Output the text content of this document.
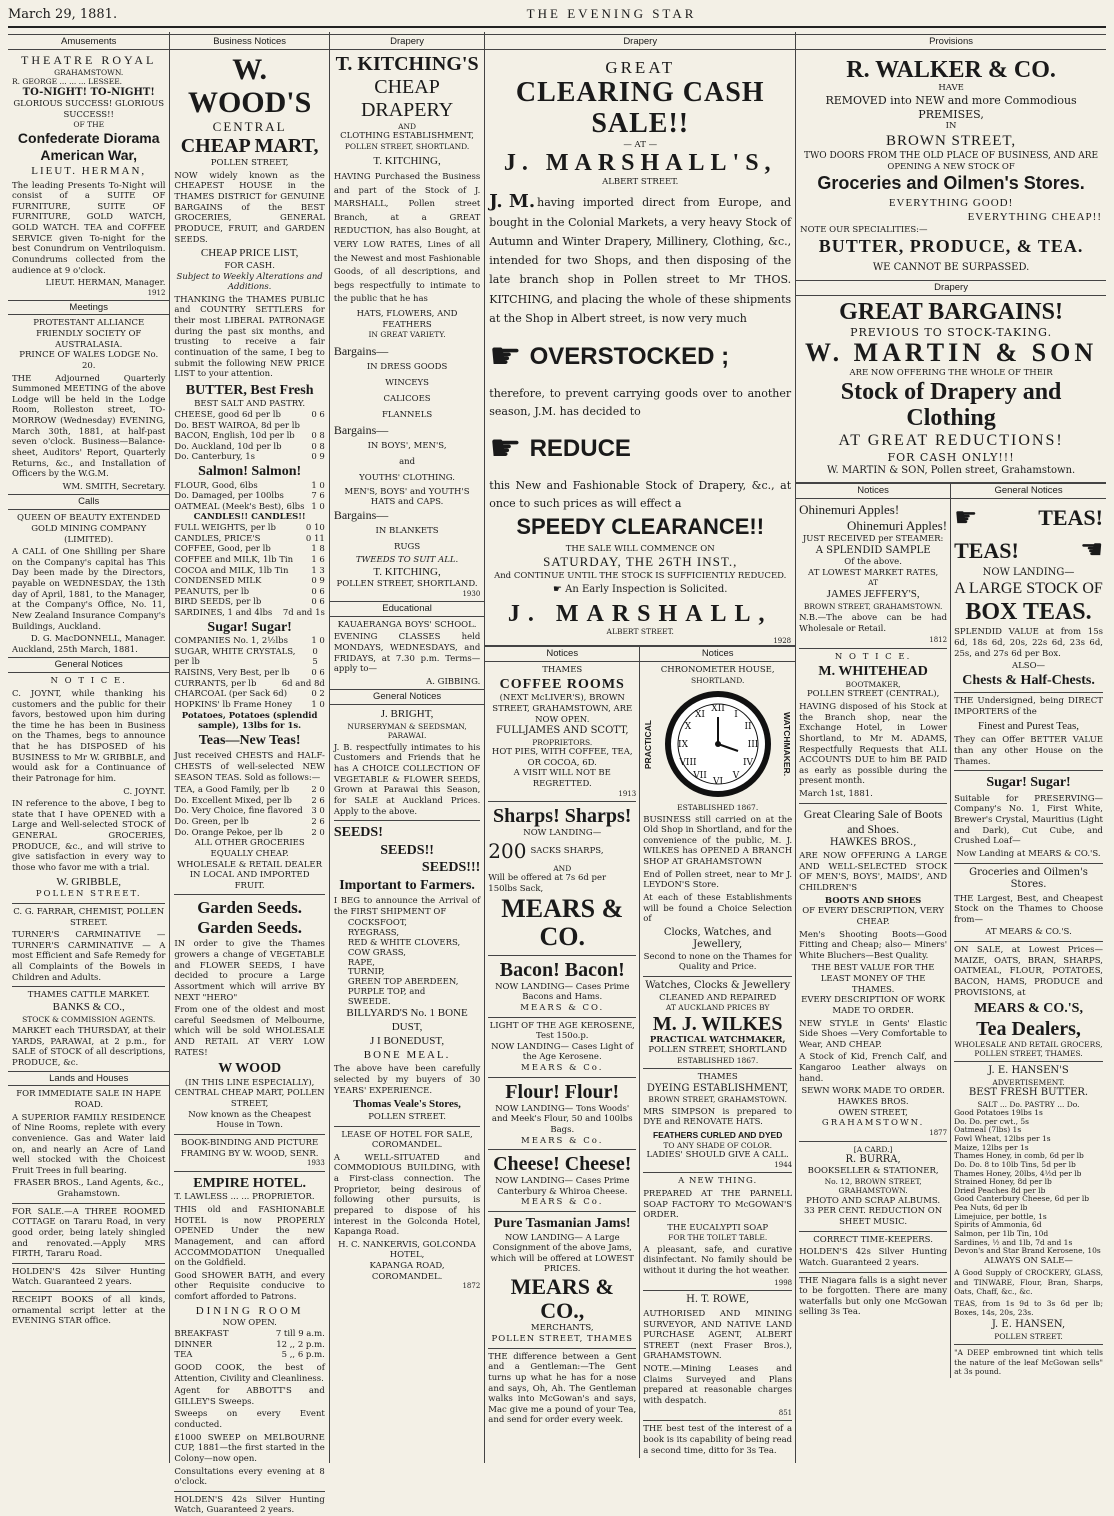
March 29, 1881.	THE EVENING STAR
Amusements
THEATRE ROYAL
GRAHAMSTOWN.
R. GEORGE ... ... ... LESSEE.
TO-NIGHT! TO-NIGHT!
GLORIOUS SUCCESS! GLORIOUS SUCCESS!!
OF THE
Confederate Diorama
American War,
LIEUT. HERMAN,

The leading Presents To-Night will consist of a SUITE OF FURNITURE, SUITE OF FURNITURE, GOLD WATCH, GOLD WATCH. TEA and COFFEE SERVICE given To-night for the best Conundrum on Ventriloquism. Conundrums collected from the audience at 9 o'clock.

LIEUT. HERMAN, Manager.
1912
Meetings
PROTESTANT ALLIANCE FRIENDLY SOCIETY OF AUSTRALASIA.
PRINCE OF WALES LODGE No. 20.

THE Adjourned Quarterly Summoned MEETING of the above Lodge will be held in the Lodge Room, Rolleston street, TO-MORROW (Wednesday) EVENING, March 30th, 1881, at half-past seven o'clock. Business—Balance-sheet, Auditors' Report, Quarterly Returns, &c., and Installation of Officers by the W.G.M.

WM. SMITH, Secretary.
Calls
QUEEN OF BEAUTY EXTENDED GOLD MINING COMPANY (LIMITED).

A CALL of One Shilling per Share on the Company's capital has This Day been made by the Directors, payable on WEDNESDAY, the 13th day of April, 1881, to the Manager, at the Company's Office, No. 11, New Zealand Insurance Company's Buildings, Auckland.

D. G. MacDONNELL, Manager.
Auckland, 25th March, 1881.
General Notices
N O T I C E.

C. JOYNT, while thanking his customers and the public for their favors, bestowed upon him during the time he has been in Business on the Thames, begs to announce that he has DISPOSED of his BUSINESS to Mr W. GRIBBLE, and would ask for a Continuance of their Patronage for him.

C. JOYNT.

IN reference to the above, I beg to state that I have OPENED with a Large and Well-selected STOCK of GENERAL GROCERIES, PRODUCE, &c., and will strive to give satisfaction in every way to those who favor me with a trial.

W. GRIBBLE,
POLLEN STREET.
C. G. FARRAR, CHEMIST, POLLEN STREET.

TURNER'S CARMINATIVE — TURNER'S CARMINATIVE — A most Efficient and Safe Remedy for all Complaints of the Bowels in Children and Adults.

THAMES CATTLE MARKET.
BANKS & CO.,
STOCK & COMMISSION AGENTS.

MARKET each THURSDAY, at their YARDS, PARAWAI, at 2 p.m., for SALE of STOCK of all descriptions, PRODUCE, &c.

Lands and Houses
FOR IMMEDIATE SALE IN HAPE ROAD.

A SUPERIOR FAMILY RESIDENCE of Nine Rooms, replete with every convenience. Gas and Water laid on, and nearly an Acre of Land well stocked with the Choicest Fruit Trees in full bearing.

FRASER BROS., Land Agents, &c., Grahamstown.

FOR SALE.—A THREE ROOMED COTTAGE on Tararu Road, in very good order, being lately shingled and renovated.—Apply MRS FIRTH, Tararu Road.

HOLDEN'S 42s Silver Hunting Watch. Guaranteed 2 years.

RECEIPT BOOKS of all kinds, ornamental script letter at the EVENING STAR office.

Business Notices
W. WOOD'S
CENTRAL
CHEAP MART,
POLLEN STREET,

NOW widely known as the CHEAPEST HOUSE in the THAMES DISTRICT for GENUINE BARGAINS of the BEST GROCERIES, GENERAL PRODUCE, FRUIT, and GARDEN SEEDS.

CHEAP PRICE LIST,
FOR CASH.
Subject to Weekly Alterations and Additions.

THANKING the THAMES PUBLIC and COUNTRY SETTLERS for their most LIBERAL PATRONAGE during the past six months, and trusting to receive a fair continuation of the same, I beg to submit the following NEW PRICE LIST to your attention.

BUTTER, Best Fresh
BEST SALT AND PASTRY.
CHEESE, good 6d per lb	0 6
Do. BEST WAIROA, 8d per lb
BACON, English, 10d per lb 0 8
Do. Auckland, 10d per lb	0 8
Do. Canterbury, 1s	0 9
Salmon! Salmon!
FLOUR, Good, 6lbs	1 0
Do. Damaged, per 100lbs	7 6
OATMEAL (Meek's Best), 6lbs 1 0
CANDLES!! CANDLES!!
FULL WEIGHTS, per lb	0 10
CANDLES, PRICE'S	0 11
COFFEE, Good, per lb	1 8
COFFEE and MILK, 1lb Tin 1 6
COCOA and MILK, 1lb Tin	1 3
CONDENSED MILK	0 9
PEANUTS, per lb	0 6
BIRD SEEDS, per lb	0 6
SARDINES, 1 and 4lbs 7d and 1s
Sugar! Sugar!
COMPANIES No. 1, 2½lbs	1 0
SUGAR, WHITE CRYSTALS, per lb
0 5
RAISINS, Very Best, per lb	0 6
CURRANTS, per lb	6d and 8d
CHARCOAL (per Sack 6d)	0 2
HOPKINS' lb Frame Honey 1 0
Potatoes, Potatoes (splendid sample), 13lbs for 1s.
Teas—New Teas!

Just received CHESTS and HALF-CHESTS of well-selected NEW SEASON TEAS. Sold as follows:—

TEA, a Good Family, per lb	2 0
Do. Excellent Mixed, per lb 2 6
Do. Very Choice, fine flavored 3 0
Do. Green, per lb	2 6
Do. Orange Pekoe, per lb	2 0
ALL OTHER GROCERIES EQUALLY CHEAP.
WHOLESALE & RETAIL DEALER IN LOCAL AND IMPORTED FRUIT.
Garden Seeds. Garden Seeds.

IN order to give the Thames growers a change of VEGETABLE and FLOWER SEEDS, I have decided to procure a Large Assortment which will arrive BY NEXT "HERO"

From one of the oldest and most careful Seedsmen of Melbourne, which will be sold WHOLESALE AND RETAIL AT VERY LOW RATES!

W WOOD
(IN THIS LINE ESPECIALLY), CENTRAL CHEAP MART, POLLEN STREET,
Now known as the Cheapest House in Town.
BOOK-BINDING AND PICTURE FRAMING BY W. WOOD, SENR.
1933
EMPIRE HOTEL.
T. LAWLESS ... ... PROPRIETOR.

THIS old and FASHIONABLE HOTEL is now PROPERLY OPENED Under the new Management, and can afford ACCOMMODATION Unequalled on the Goldfield.

Good SHOWER BATH, and every other Requisite conducive to comfort afforded to Patrons.

DINING ROOM
NOW OPEN.
BREAKFAST	7 till 9 a.m.
DINNER	12 ,, 2 p.m.
TEA	5 ,, 6 p.m.

GOOD COOK, the best of Attention, Civility and Cleanliness.

Agent for ABBOTT'S and GILLEY'S Sweeps.

Sweeps on every Event conducted.

£1000 SWEEP on MELBOURNE CUP, 1881—the first started in the Colony—now open.

Consultations every evening at 8 o'clock.

HOLDEN'S 42s Silver Hunting Watch, Guaranteed 2 years.

Drapery
T. KITCHING'S
CHEAP DRAPERY
AND
CLOTHING ESTABLISHMENT,
POLLEN STREET, SHORTLAND.
T. KITCHING,

HAVING Purchased the Business and part of the Stock of J. MARSHALL, Pollen street Branch, at a GREAT REDUCTION, has also Bought, at VERY LOW RATES, Lines of all the Newest and most Fashionable Goods, of all descriptions, and begs respectfully to intimate to the public that he has

HATS, FLOWERS, AND FEATHERS
IN GREAT VARIETY.
Bargains—
IN DRESS GOODS
WINCEYS
CALICOES
FLANNELS
Bargains—
IN BOYS', MEN'S,
and
YOUTHS' CLOTHING.
MEN'S, BOYS' and YOUTH'S HATS and CAPS.
Bargains—
IN BLANKETS
RUGS
TWEEDS TO SUIT ALL.
T. KITCHING,
POLLEN STREET, SHORTLAND.
1930
Educational
KAUAERANGA BOYS' SCHOOL.

EVENING CLASSES held MONDAYS, WEDNESDAYS, and FRIDAYS, at 7.30 p.m. Terms—apply to—

A. GIBBING.
General Notices
J. BRIGHT,
NURSERYMAN & SEEDSMAN, PARAWAI.

J. B. respectfully intimates to his Customers and Friends that he has A CHOICE COLLECTION OF VEGETABLE & FLOWER SEEDS, Grown at Parawai this Season, for SALE at Auckland Prices. Apply to the above.

SEEDS!
SEEDS!!
SEEDS!!!
Important to Farmers.

I BEG to announce the Arrival of the FIRST SHIPMENT OF

COCKSFOOT,
RYEGRASS,
RED & WHITE CLOVERS,
COW GRASS,
RAPE,
TURNIP,
GREEN TOP ABERDEEN,
PURPLE TOP, and
SWEEDE.
BILLYARD'S No. 1 BONE DUST,
J I BONEDUST,
BONE MEAL.

The above have been carefully selected by my buyers of 30 YEARS' EXPERIENCE.

Thomas Veale's Stores,
POLLEN STREET.
LEASE OF HOTEL FOR SALE, COROMANDEL.

A WELL-SITUATED and COMMODIOUS BUILDING, with a First-class connection. The Proprietor, being desirous of following other pursuits, is prepared to dispose of his interest in the Golconda Hotel, Kapanga Road.

H. C. NANKERVIS, GOLCONDA HOTEL,
KAPANGA ROAD, COROMANDEL.
1872
Drapery
GREAT
CLEARING CASH SALE!!
— AT —
J. MARSHALL'S,
ALBERT STREET.

J. M. having imported direct from Europe, and bought in the Colonial Markets, a very heavy Stock of Autumn and Winter Drapery, Millinery, Clothing, &c., intended for two Shops, and then disposing of the late branch shop in Pollen street to Mr THOS. KITCHING, and placing the whole of these shipments at the Shop in Albert street, is now very much

☛ OVERSTOCKED ;

therefore, to prevent carrying goods over to another season, J.M. has decided to

☛ REDUCE

this New and Fashionable Stock of Drapery, &c., at once to such prices as will effect a

SPEEDY CLEARANCE!!
THE SALE WILL COMMENCE ON
SATURDAY, THE 26TH INST.,
And CONTINUE UNTIL THE STOCK IS SUFFICIENTLY REDUCED.
☛ An Early Inspection is Solicited.
J. MARSHALL,
ALBERT STREET.
1928
Notices
THAMES
COFFEE ROOMS
(NEXT McLIVER'S), BROWN STREET, GRAHAMSTOWN, ARE NOW OPEN.
FULLJAMES AND SCOTT,
PROPRIETORS.
HOT PIES, WITH COFFEE, TEA, OR COCOA, 6D.
A VISIT WILL NOT BE REGRETTED.
1913
Sharps! Sharps!
NOW LANDING—
200 SACKS SHARPS,
AND
Will be offered at 7s 6d per 150lbs Sack,
MEARS & CO.
Bacon! Bacon!
NOW LANDING— Cases Prime Bacons and Hams.
MEARS & CO.
LIGHT OF THE AGE KEROSENE, Test 150o.p.
NOW LANDING— Cases Light of the Age Kerosene.
MEARS & Co.
Flour! Flour!
NOW LANDING— Tons Woods' and Meek's Flour, 50 and 100lbs Bags.
MEARS & Co.
Cheese! Cheese!
NOW LANDING— Cases Prime Canterbury & Whiroa Cheese.
MEARS & Co.
Pure Tasmanian Jams!
NOW LANDING— A Large Consignment of the above Jams, which will be offered at LOWEST PRICES.
MEARS & CO.,
MERCHANTS,
POLLEN STREET, THAMES

THE difference between a Gent and a Gentleman:—The Gent turns up what he has for a nose and says, Oh, Ah. The Gentleman walks into McGowan's and says, Mac give me a pound of your Tea, and send for order every week.

Notices
CHRONOMETER HOUSE,
SHORTLAND.
PRACTICAL
XII
III
VI
IX
I
II
IV
V
VII
VIII
X
XI	WATCHMAKER.
ESTABLISHED 1867.

BUSINESS still carried on at the Old Shop in Shortland, and for the convenience of the public, M. J. WILKES has OPENED A BRANCH SHOP AT GRAHAMSTOWN

End of Pollen street, near to Mr J. LEYDON'S Store.

At each of these Establishments will be found a Choice Selection of

Clocks, Watches, and Jewellery,
Second to none on the Thames for Quality and Price.
Watches, Clocks & Jewellery
CLEANED AND REPAIRED
AT AUCKLAND PRICES BY
M. J. WILKES
PRACTICAL WATCHMAKER,
POLLEN STREET, SHORTLAND
ESTABLISHED 1867.
THAMES
DYEING ESTABLISHMENT,
BROWN STREET, GRAHAMSTOWN.

MRS SIMPSON is prepared to DYE and RENOVATE HATS.

FEATHERS CURLED AND DYED
TO ANY SHADE OF COLOR.
LADIES' SHOULD GIVE A CALL.
1944
A NEW THING.

PREPARED AT THE PARNELL SOAP FACTORY TO McGOWAN'S ORDER.

THE EUCALYPTI SOAP
FOR THE TOILET TABLE.

A pleasant, safe, and curative disinfectant. No family should be without it during the hot weather.

1998
H. T. ROWE,

AUTHORISED AND MINING SURVEYOR, AND NATIVE LAND PURCHASE AGENT, ALBERT STREET (next Fraser Bros.), GRAHAMSTOWN.

NOTE.—Mining Leases and Claims Surveyed and Plans prepared at reasonable charges with despatch.

851

THE best test of the interest of a book is its capability of being read a second time, ditto for 3s Tea.

Provisions
R. WALKER & CO.
HAVE
REMOVED into NEW and more Commodious PREMISES,
IN
BROWN STREET,
TWO DOORS FROM THE OLD PLACE OF BUSINESS, AND ARE
OPENING A NEW STOCK OF
Groceries and Oilmen's Stores.
EVERYTHING GOOD!
EVERYTHING CHEAP!!
NOTE OUR SPECIALITIES:—
BUTTER, PRODUCE, & TEA.
WE CANNOT BE SURPASSED.
Drapery
GREAT BARGAINS!
PREVIOUS TO STOCK-TAKING.
W. MARTIN & SON
ARE NOW OFFERING THE WHOLE OF THEIR
Stock of Drapery and Clothing
AT GREAT REDUCTIONS!
FOR CASH ONLY!!!
W. MARTIN & SON, Pollen street, Grahamstown.
Notices
Ohinemuri Apples!
Ohinemuri Apples!
JUST RECEIVED per STEAMER:
A SPLENDID SAMPLE
Of the above.
AT LOWEST MARKET RATES,
AT
JAMES JEFFERY'S,
BROWN STREET, GRAHAMSTOWN.

N.B.—The above can be had Wholesale or Retail.

1812
N O T I C E.
M. WHITEHEAD
BOOTMAKER,
POLLEN STREET (CENTRAL),

HAVING disposed of his Stock at the Branch shop, near the Exchange Hotel, in Lower Shortland, to Mr M. ADAMS, Respectfully Requests that ALL ACCOUNTS DUE to him BE PAID as early as possible during the present month.

March 1st, 1881.
Great Clearing Sale of Boots and Shoes.
HAWKES BROS.,

ARE NOW OFFERING A LARGE AND WELL-SELECTED STOCK OF MEN'S, BOYS', MAIDS', AND CHILDREN'S

BOOTS AND SHOES
OF EVERY DESCRIPTION, VERY CHEAP.

Men's Shooting Boots—Good Fitting and Cheap; also— Miners' White Bluchers—Best Quality.

THE BEST VALUE FOR THE LEAST MONEY OF THE THAMES.
EVERY DESCRIPTION OF WORK MADE TO ORDER.

NEW STYLE in Gents' Elastic Side Shoes —Very Comfortable to Wear, AND CHEAP.

A Stock of Kid, French Calf, and Kangaroo Leather always on hand.

SEWN WORK MADE TO ORDER.
HAWKES BROS.
OWEN STREET,
GRAHAMSTOWN.
1877
[A CARD.]
R. BURRA,
BOOKSELLER & STATIONER,
No. 12, BROWN STREET, GRAHAMSTOWN.
PHOTO AND SCRAP ALBUMS.
33 PER CENT. REDUCTION ON SHEET MUSIC.
CORRECT TIME-KEEPERS.

HOLDEN'S 42s Silver Hunting Watch. Guaranteed 2 years.

THE Niagara falls is a sight never to be forgotten. There are many waterfalls but only one McGowan selling 3s Tea.

General Notices
☛	TEAS!
TEAS! ☛
NOW LANDING—
A LARGE STOCK OF
BOX TEAS.

SPLENDID VALUE at from 15s 6d, 18s 6d, 20s, 22s 6d, 23s 6d, 25s, and 27s 6d per Box.

ALSO—
Chests & Half-Chests.

THE Undersigned, being DIRECT IMPORTERS of the

Finest and Purest Teas,

They can Offer BETTER VALUE than any other House on the Thames.

Sugar! Sugar!

Suitable for PRESERVING—Company's No. 1, First White, Brewer's Crystal, Mauritius (Light and Dark), Cut Cube, and Crushed Loaf—

Now Landing at MEARS & CO.'S.
Groceries and Oilmen's Stores.

THE Largest, Best, and Cheapest Stock on the Thames to Choose from—

AT MEARS & CO.'S.

ON SALE, at Lowest Prices—MAIZE, OATS, BRAN, SHARPS, OATMEAL, FLOUR, POTATOES, BACON, HAMS, PRODUCE and PROVISIONS, at

MEARS & CO.'S,
Tea Dealers,
WHOLESALE AND RETAIL GROCERS, POLLEN STREET, THAMES.
J. E. HANSEN'S
ADVERTISEMENT.
BEST FRESH BUTTER.
SALT ... Do. PASTRY ... Do.
Good Potatoes 19lbs 1s
Do. Do. per cwt., 5s
Oatmeal (7lbs) 1s
Fowl Wheat, 12lbs per 1s
Maize, 12lbs per 1s
Thames Honey, in comb, 6d per lb
Do. Do. 8 to 10lb Tins, 5d per lb
Thames Honey, 20lbs, 4½d per lb
Strained Honey, 8d per lb
Dried Peaches 8d per lb
Good Canterbury Cheese, 6d per lb
Pea Nuts, 6d per lb
Limejuice, per bottle, 1s
Spirits of Ammonia, 6d
Salmon, per 1lb Tin, 10d
Sardines, ½ and 1lb, 7d and 1s
Devon's and Star Brand Kerosene, 10s
ALWAYS ON SALE—

A Good Supply of CROCKERY, GLASS, and TINWARE, Flour, Bran, Sharps, Oats, Chaff, &c., &c.

TEAS, from 1s 9d to 3s 6d per lb; Boxes, 14s, 20s, 23s.

J. E. HANSEN,
POLLEN STREET.

"A DEEP embrowned tint which tells the nature of the leaf McGowan sells" at 3s pound.
